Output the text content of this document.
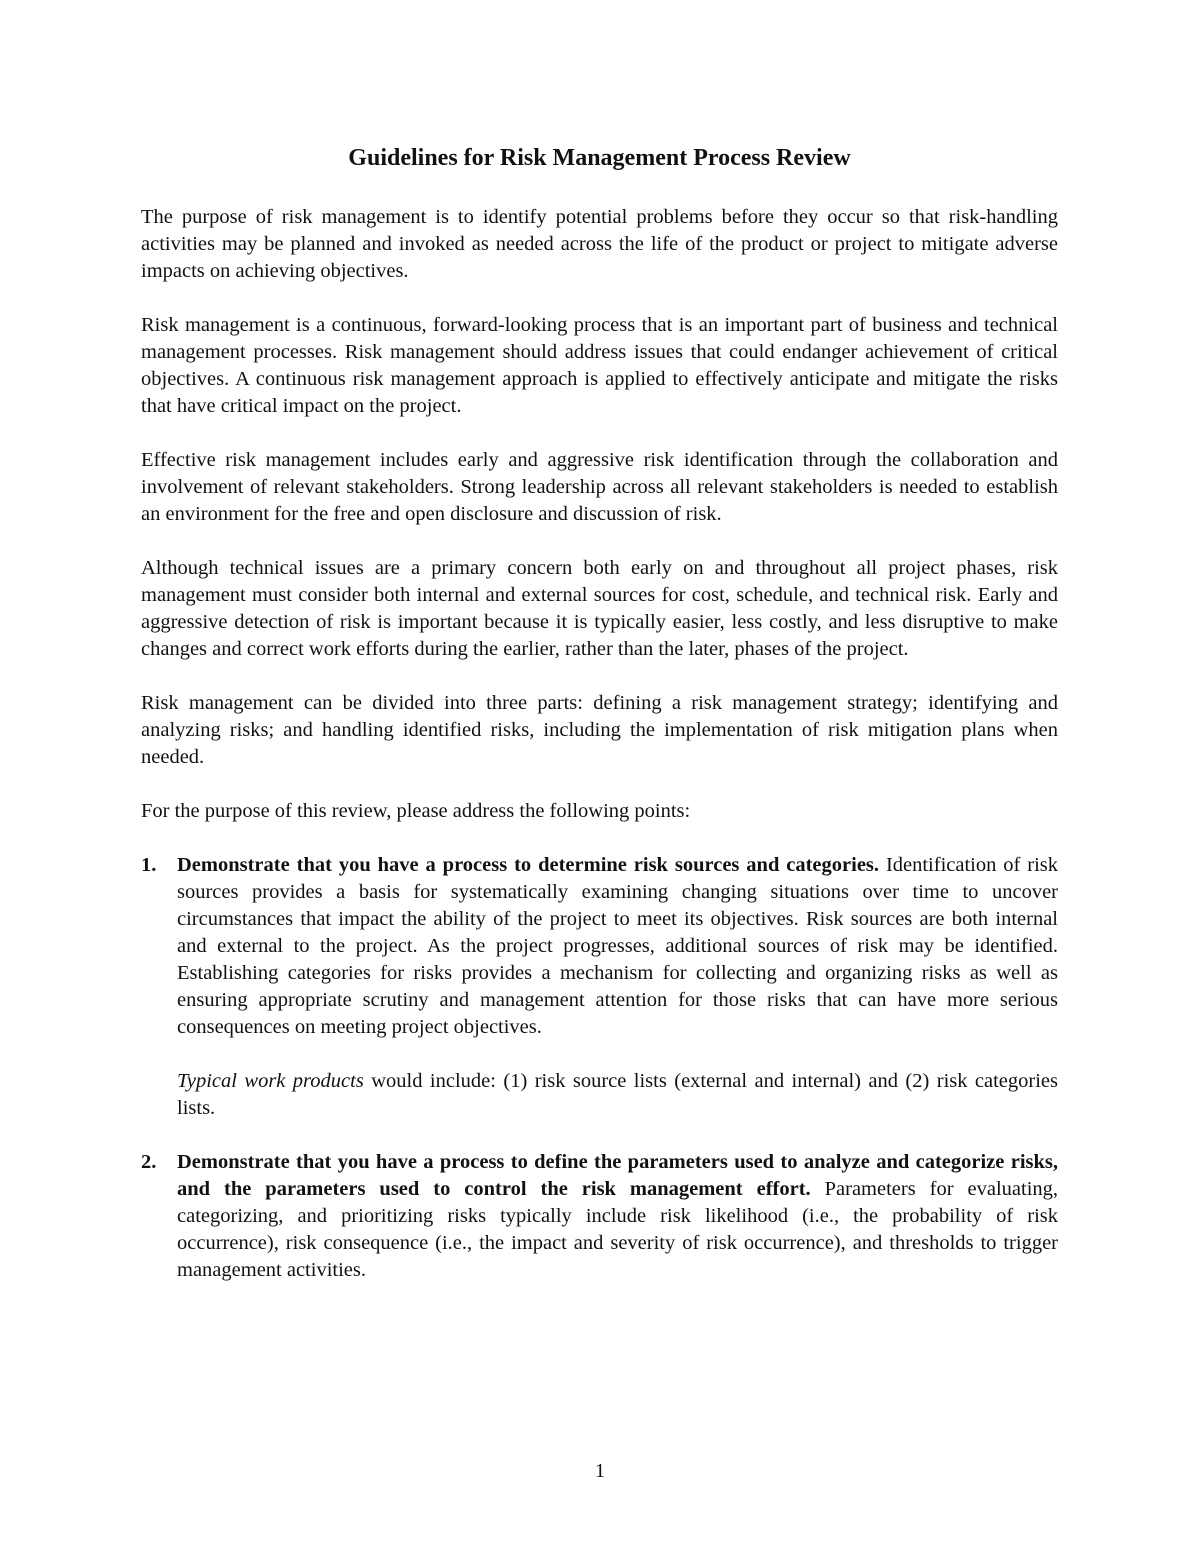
Guidelines for Risk Management Process Review

The purpose of risk management is to identify potential problems before they occur so that risk-handling activities may be planned and invoked as needed across the life of the product or project to mitigate adverse impacts on achieving objectives.

Risk management is a continuous, forward-looking process that is an important part of business and technical management processes. Risk management should address issues that could endanger achievement of critical objectives. A continuous risk management approach is applied to effectively anticipate and mitigate the risks that have critical impact on the project.

Effective risk management includes early and aggressive risk identification through the collaboration and involvement of relevant stakeholders. Strong leadership across all relevant stakeholders is needed to establish an environment for the free and open disclosure and discussion of risk.

Although technical issues are a primary concern both early on and throughout all project phases, risk management must consider both internal and external sources for cost, schedule, and technical risk. Early and aggressive detection of risk is important because it is typically easier, less costly, and less disruptive to make changes and correct work efforts during the earlier, rather than the later, phases of the project.

Risk management can be divided into three parts: defining a risk management strategy; identifying and analyzing risks; and handling identified risks, including the implementation of risk mitigation plans when needed.

For the purpose of this review, please address the following points:

1. Demonstrate that you have a process to determine risk sources and categories. Identification of risk sources provides a basis for systematically examining changing situations over time to uncover circumstances that impact the ability of the project to meet its objectives. Risk sources are both internal and external to the project. As the project progresses, additional sources of risk may be identified. Establishing categories for risks provides a mechanism for collecting and organizing risks as well as ensuring appropriate scrutiny and management attention for those risks that can have more serious consequences on meeting project objectives.

Typical work products would include: (1) risk source lists (external and internal) and (2) risk categories lists.

2. Demonstrate that you have a process to define the parameters used to analyze and categorize risks, and the parameters used to control the risk management effort. Parameters for evaluating, categorizing, and prioritizing risks typically include risk likelihood (i.e., the probability of risk occurrence), risk consequence (i.e., the impact and severity of risk occurrence), and thresholds to trigger management activities.
1
